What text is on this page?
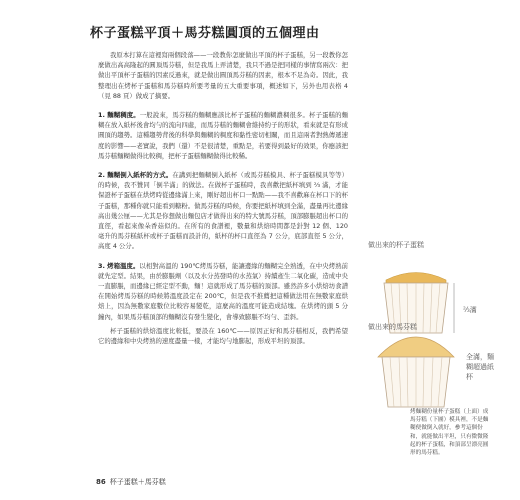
杯子蛋糕平頂＋馬芬糕圓頂的五個理由

我原本打算在這裡寫兩個段落——一段教你怎麼做出平頂的杯子蛋糕，另一段教你怎麼做出高高隆起的圓頂馬芬糕，但是我馬上弄清楚，我只不過是把同樣的事情寫兩次：把做出平頂杯子蛋糕的因素反過來，就是做出圓頂馬芬糕的因素，根本不足為奇。因此，我整理出在烤杯子蛋糕和馬芬糕時所要考量的五大重要事項，概述如下，另外也用表格 4（見 88 頁）做成了摘要。

1. 麵糊稠度。一般說來，馬芬糕的麵糊應該比杯子蛋糕的麵糊濃稠很多。杯子蛋糕的麵糊在放入紙杯後會均勻的流向四處，而馬芬糕的麵糊會維持約子的形狀，看來就是有形成圓頂的趨勢。這種趨勢背後的科學與麵糊的稠度和黏性密切相關，而且這兩者對熱傳遞速度的影響——老實說，我們（還）不是很清楚，重點是，若要得到最好的效果，你應該把馬芬糕麵糊做得比較稠，把杯子蛋糕麵糊做得比較稀。

2. 麵糊倒入紙杯的方式。在講到把麵糊倒入紙杯（或馬芬糕模具、杯子蛋糕模具等等）的時候，我不贊同「倒半滿」的做法。在做杯子蛋糕時，我喜歡把紙杯填到 ⅔ 滿，才能保證杯子蛋糕在烘烤時從邊緣滿上來，剛好超出杯口一點點——我不喜歡麻在杯口下的杯子蛋糕，那種你就只能看到糖粉。做馬芬糕的時候，你要把紙杯填到全滿，盡量再比邊緣高出幾公厘——尤其是你想做出麵包店才做得出來的特大號馬芬糕，頂部膨脹超出杯口的直徑，看起來像朵香菇似的。在所有的食譜裡，數量和烘焙時間都是針對 12 個、120 毫升的馬芬糕紙杯或杯子蛋糕而設計的，紙杯的杯口直徑為 7 公分，底部直徑 5 公分，高度 4 公分。

3. 烤箱溫度。以相對高溫的 190℃烤馬芬糕，能讓邊緣的麵糊完全熟透，在中央烤熟前就先定型。結果，由於膨脹劑（以及水分蒸發時的水蒸氣）持續產生二氧化碳，造成中央一直膨脹，而邊緣已經定型不動，麵！這就形成了馬芬糕的頂部。雖然許多小烘焙坊食譜在開始烤馬芬糕的時候將溫度設定在 200℃，但是我不推薦把這種做法用在無數家庭烘焙上，因為無數家庭數位比較容易變乾，這麼高的溫度可能造成結塊。在烘烤的頭 5 分鐘內，如果馬芬糕頂部的麵糊沒有發生變化，會導致膨脹不均勻、歪斜。

杯子蛋糕的烘焙溫度比較低，要設在 160℃——原因正好和馬芬糕相反，我們希望它的邊緣和中央烤熟的速度盡量一樣，才能均勻地膨起，形成平坦的頂部。

做出來的杯子蛋糕
⅔滿
做出來的馬芬糕
全滿，麵糊超過紙杯
烤麵糊份量杯子蛋糕（上面）成馬芬糕（下圖）模具裡，不是麵糊便做倒入就好，參考這個份和，就能做出平坦，只有微微隆起的杯子蛋糕，和頂部呈漂亮圓形的馬芬糕。
86 杯子蛋糕＋馬芬糕
